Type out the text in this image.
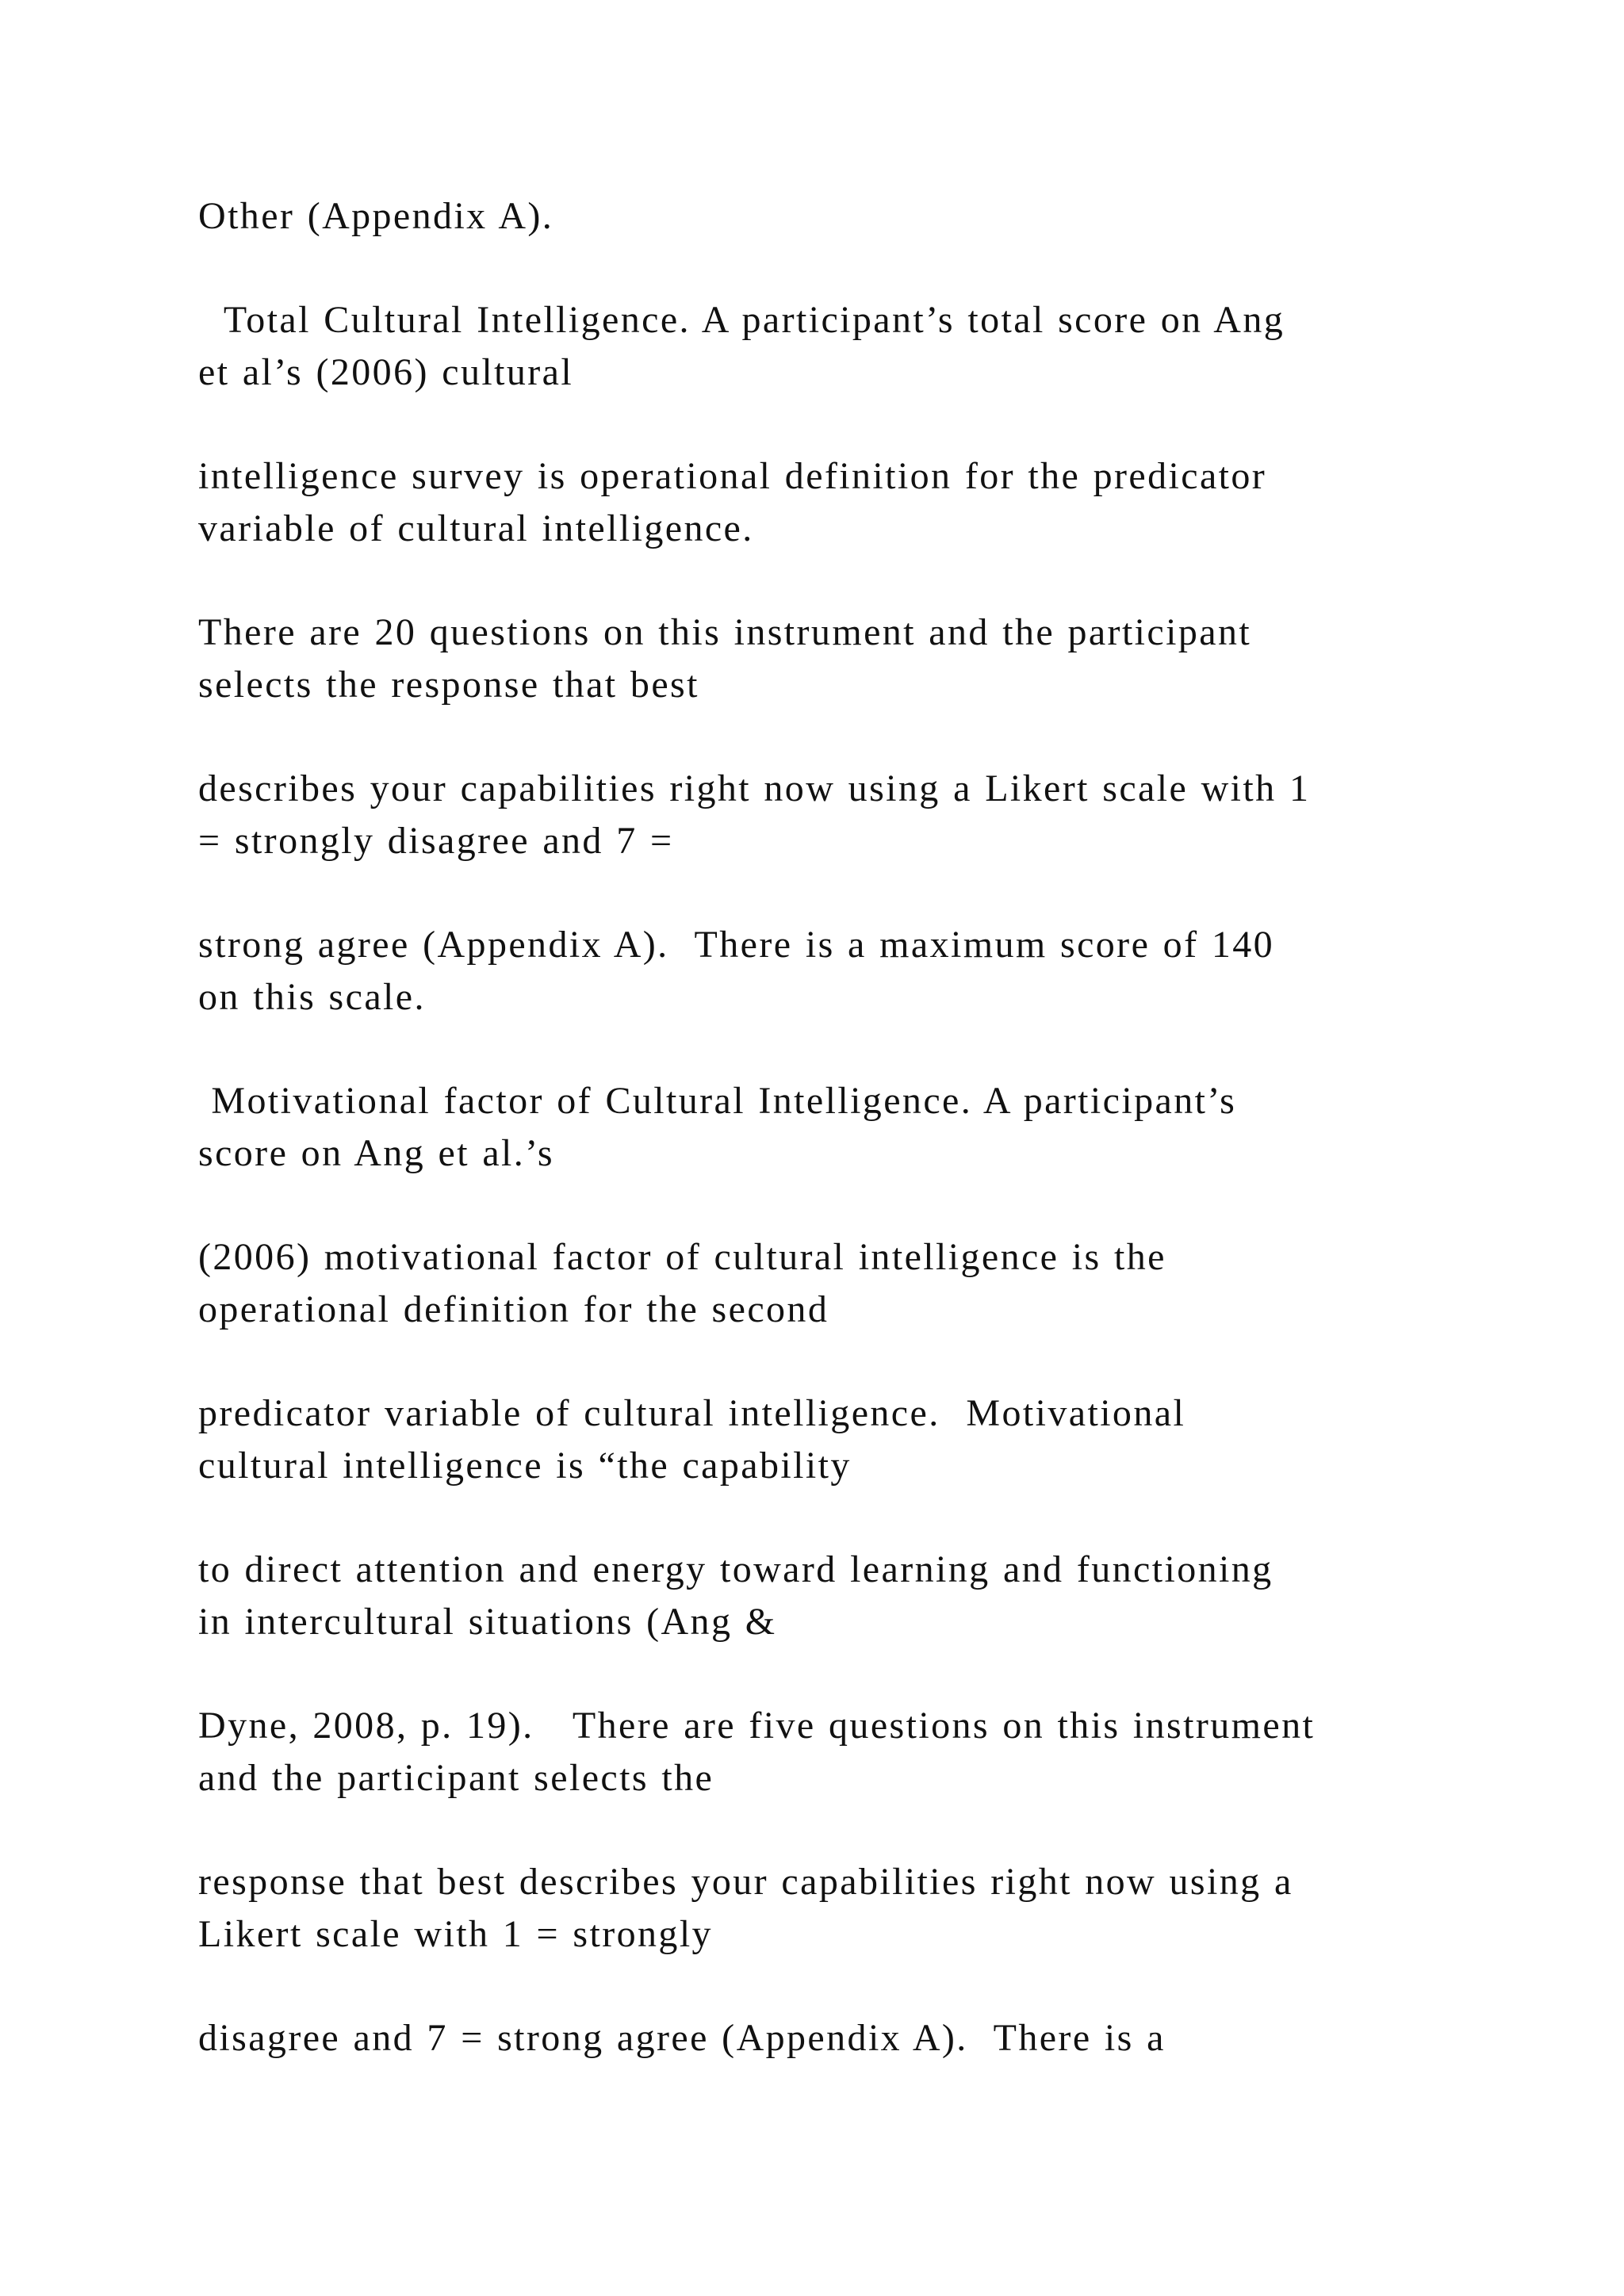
Other (Appendix A).
Total Cultural Intelligence. A participant’s total score on Ang
et al’s (2006) cultural
intelligence survey is operational definition for the predicator
variable of cultural intelligence.
There are 20 questions on this instrument and the participant
selects the response that best
describes your capabilities right now using a Likert scale with 1
= strongly disagree and 7 =
strong agree (Appendix A).  There is a maximum score of 140
on this scale.
Motivational factor of Cultural Intelligence. A participant’s
score on Ang et al.’s
(2006) motivational factor of cultural intelligence is the
operational definition for the second
predicator variable of cultural intelligence.  Motivational
cultural intelligence is “the capability
to direct attention and energy toward learning and functioning
in intercultural situations (Ang &
Dyne, 2008, p. 19).   There are five questions on this instrument
and the participant selects the
response that best describes your capabilities right now using a
Likert scale with 1 = strongly
disagree and 7 = strong agree (Appendix A).  There is a
